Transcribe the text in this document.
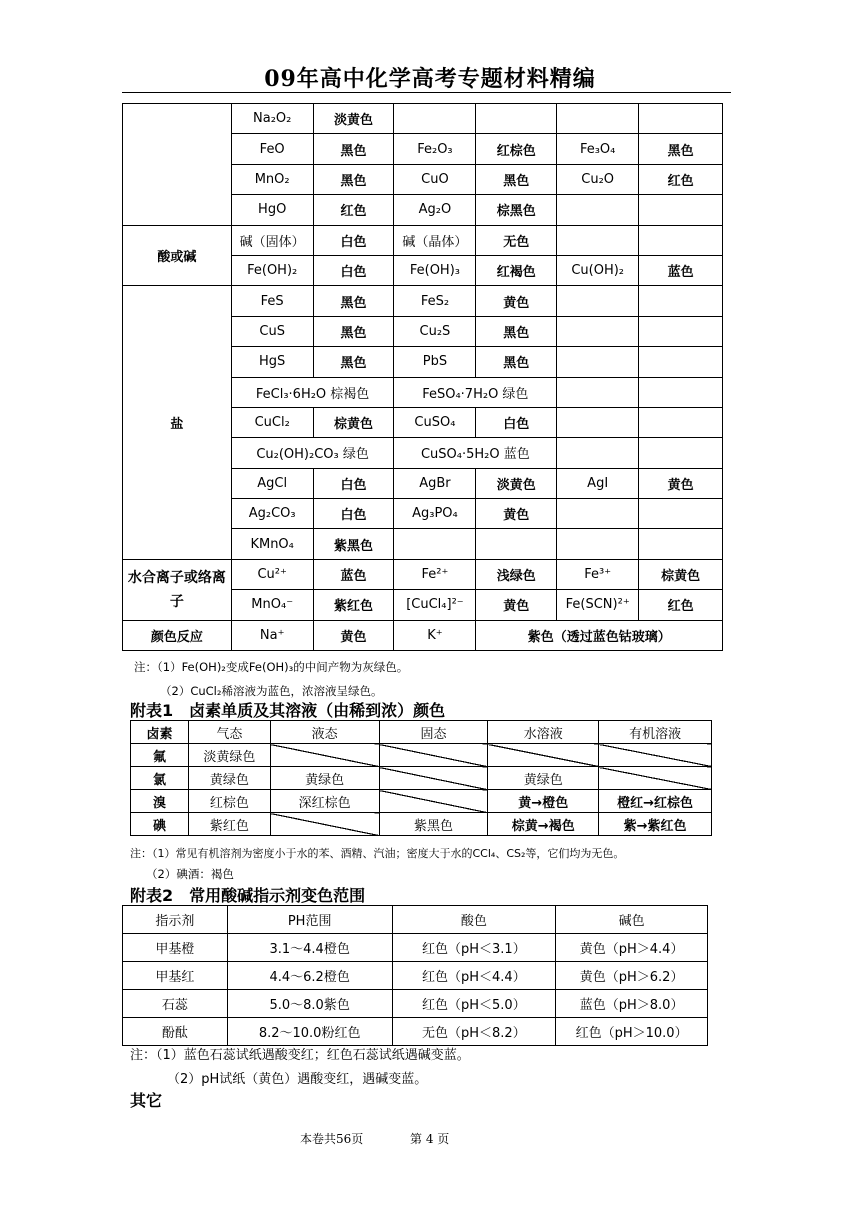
09年高中化学高考专题材料精编
	Na₂O₂	淡黄色				
	FeO	黑色	Fe₂O₃	红棕色	Fe₃O₄	黑色
	MnO₂	黑色	CuO	黑色	Cu₂O	红色
	HgO	红色	Ag₂O	棕黑色		
酸或碱	碱（固体）	白色	碱（晶体）	无色		
	Fe(OH)₂	白色	Fe(OH)₃	红褐色	Cu(OH)₂	蓝色
盐	FeS	黑色	FeS₂	黄色		
	CuS	黑色	Cu₂S	黑色		
	HgS	黑色	PbS	黑色		
	FeCl₃·6H₂O 棕褐色		FeSO₄·7H₂O 绿色			
	CuCl₂	棕黄色	CuSO₄	白色		
	Cu₂(OH)₂CO₃ 绿色		CuSO₄·5H₂O 蓝色			
	AgCl	白色	AgBr	淡黄色	AgI	黄色
	Ag₂CO₃	白色	Ag₃PO₄	黄色		
	KMnO₄	紫黑色				
水合离子或络离子	Cu²⁺	蓝色	Fe²⁺	浅绿色	Fe³⁺	棕黄色
	MnO₄⁻	紫红色	[CuCl₄]²⁻	黄色	Fe(SCN)²⁺	红色
颜色反应	Na⁺	黄色	K⁺	紫色（透过蓝色钴玻璃）		
注：（1）Fe(OH)₂变成Fe(OH)₃的中间产物为灰绿色。
（2）CuCl₂稀溶液为蓝色，浓溶液呈绿色。
附表1　卤素单质及其溶液（由稀到浓）颜色
卤素	气态	液态	固态	水溶液	有机溶液
氟	淡黄绿色				
氯	黄绿色	黄绿色		黄绿色	
溴	红棕色	深红棕色		黄→橙色	橙红→红棕色
碘	紫红色		紫黑色	棕黄→褐色	紫→紫红色
注：（1）常见有机溶剂为密度小于水的苯、酒精、汽油；密度大于水的CCl₄、CS₂等，它们均为无色。
（2）碘酒：褐色
附表2　常用酸碱指示剂变色范围
指示剂	PH范围	酸色	碱色
甲基橙	3.1～4.4橙色	红色（pH＜3.1）	黄色（pH＞4.4）
甲基红	4.4～6.2橙色	红色（pH＜4.4）	黄色（pH＞6.2）
石蕊	5.0～8.0紫色	红色（pH＜5.0）	蓝色（pH＞8.0）
酚酞	8.2～10.0粉红色	无色（pH＜8.2）	红色（pH＞10.0）
注：（1）蓝色石蕊试纸遇酸变红；红色石蕊试纸遇碱变蓝。
（2）pH试纸（黄色）遇酸变红，遇碱变蓝。
其它
本卷共56页	第 4 页
